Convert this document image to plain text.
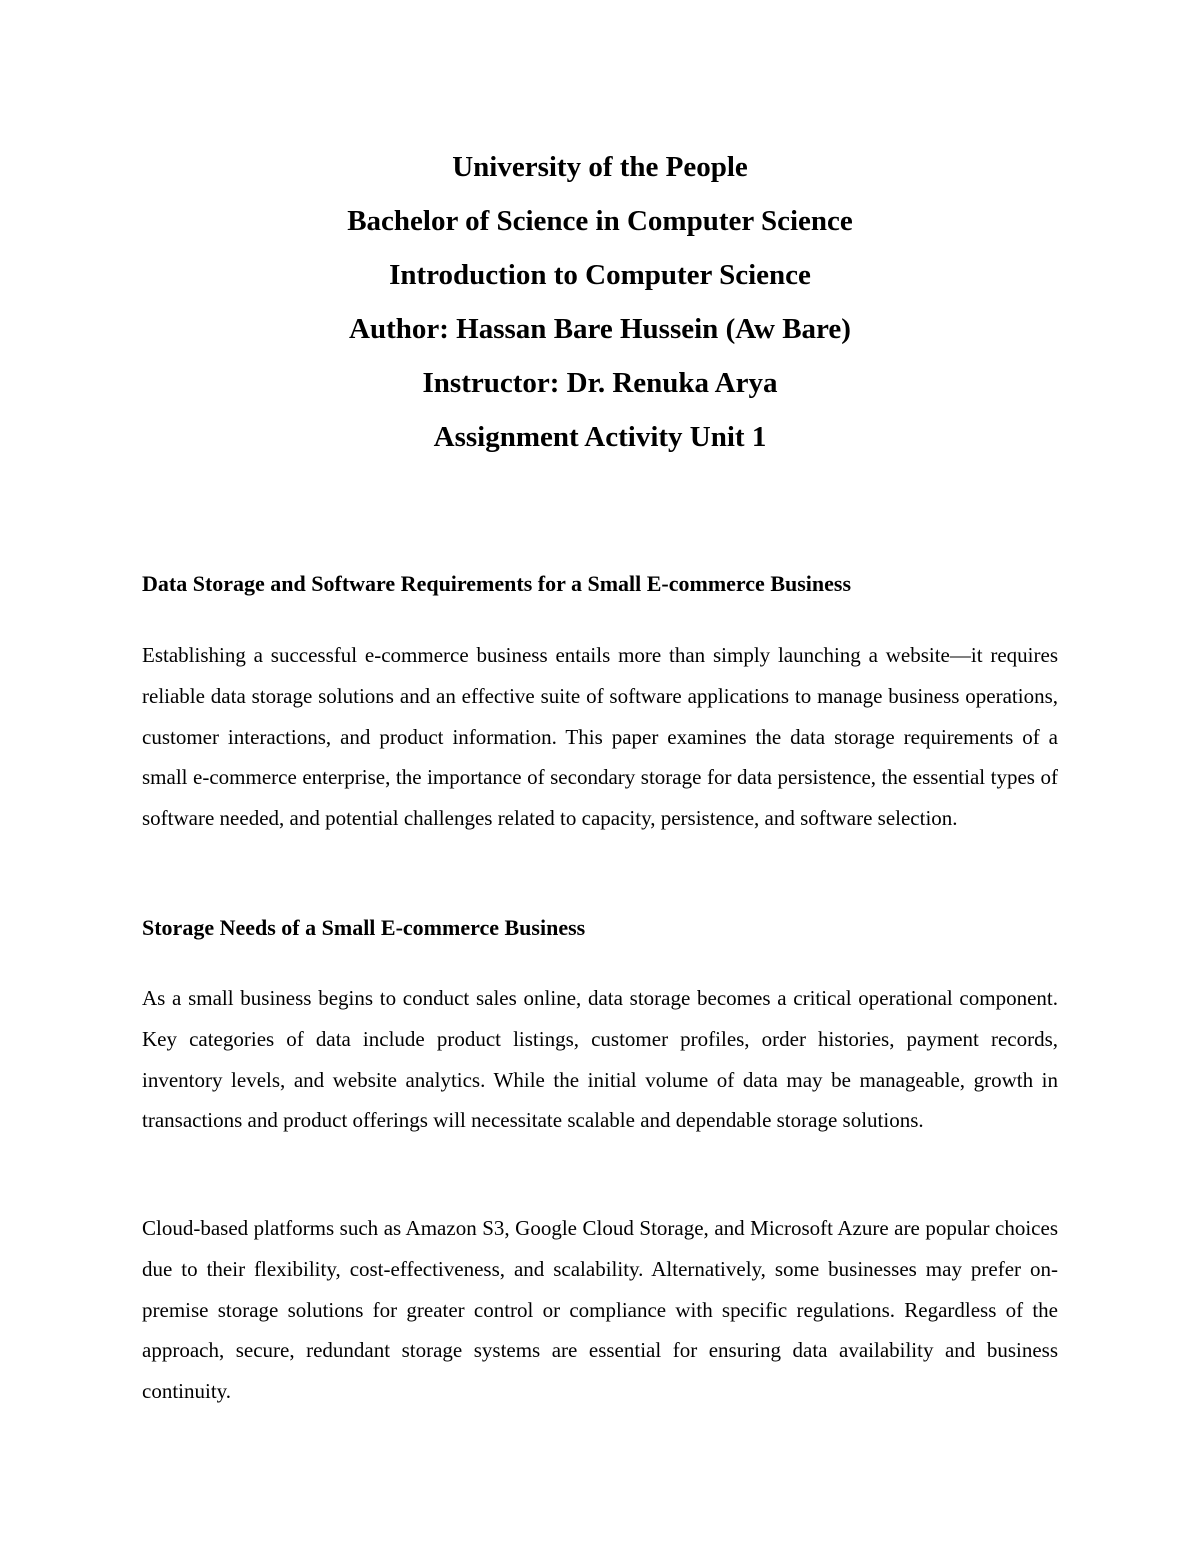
University of the People
Bachelor of Science in Computer Science
Introduction to Computer Science
Author: Hassan Bare Hussein (Aw Bare)
Instructor: Dr. Renuka Arya
Assignment Activity Unit 1
Data Storage and Software Requirements for a Small E-commerce Business
Establishing a successful e-commerce business entails more than simply launching a website—it requires reliable data storage solutions and an effective suite of software applications to manage business operations, customer interactions, and product information. This paper examines the data storage requirements of a small e-commerce enterprise, the importance of secondary storage for data persistence, the essential types of software needed, and potential challenges related to capacity, persistence, and software selection.
Storage Needs of a Small E-commerce Business
As a small business begins to conduct sales online, data storage becomes a critical operational component. Key categories of data include product listings, customer profiles, order histories, payment records, inventory levels, and website analytics. While the initial volume of data may be manageable, growth in transactions and product offerings will necessitate scalable and dependable storage solutions.
Cloud-based platforms such as Amazon S3, Google Cloud Storage, and Microsoft Azure are popular choices due to their flexibility, cost-effectiveness, and scalability. Alternatively, some businesses may prefer on-premise storage solutions for greater control or compliance with specific regulations. Regardless of the approach, secure, redundant storage systems are essential for ensuring data availability and business continuity.
